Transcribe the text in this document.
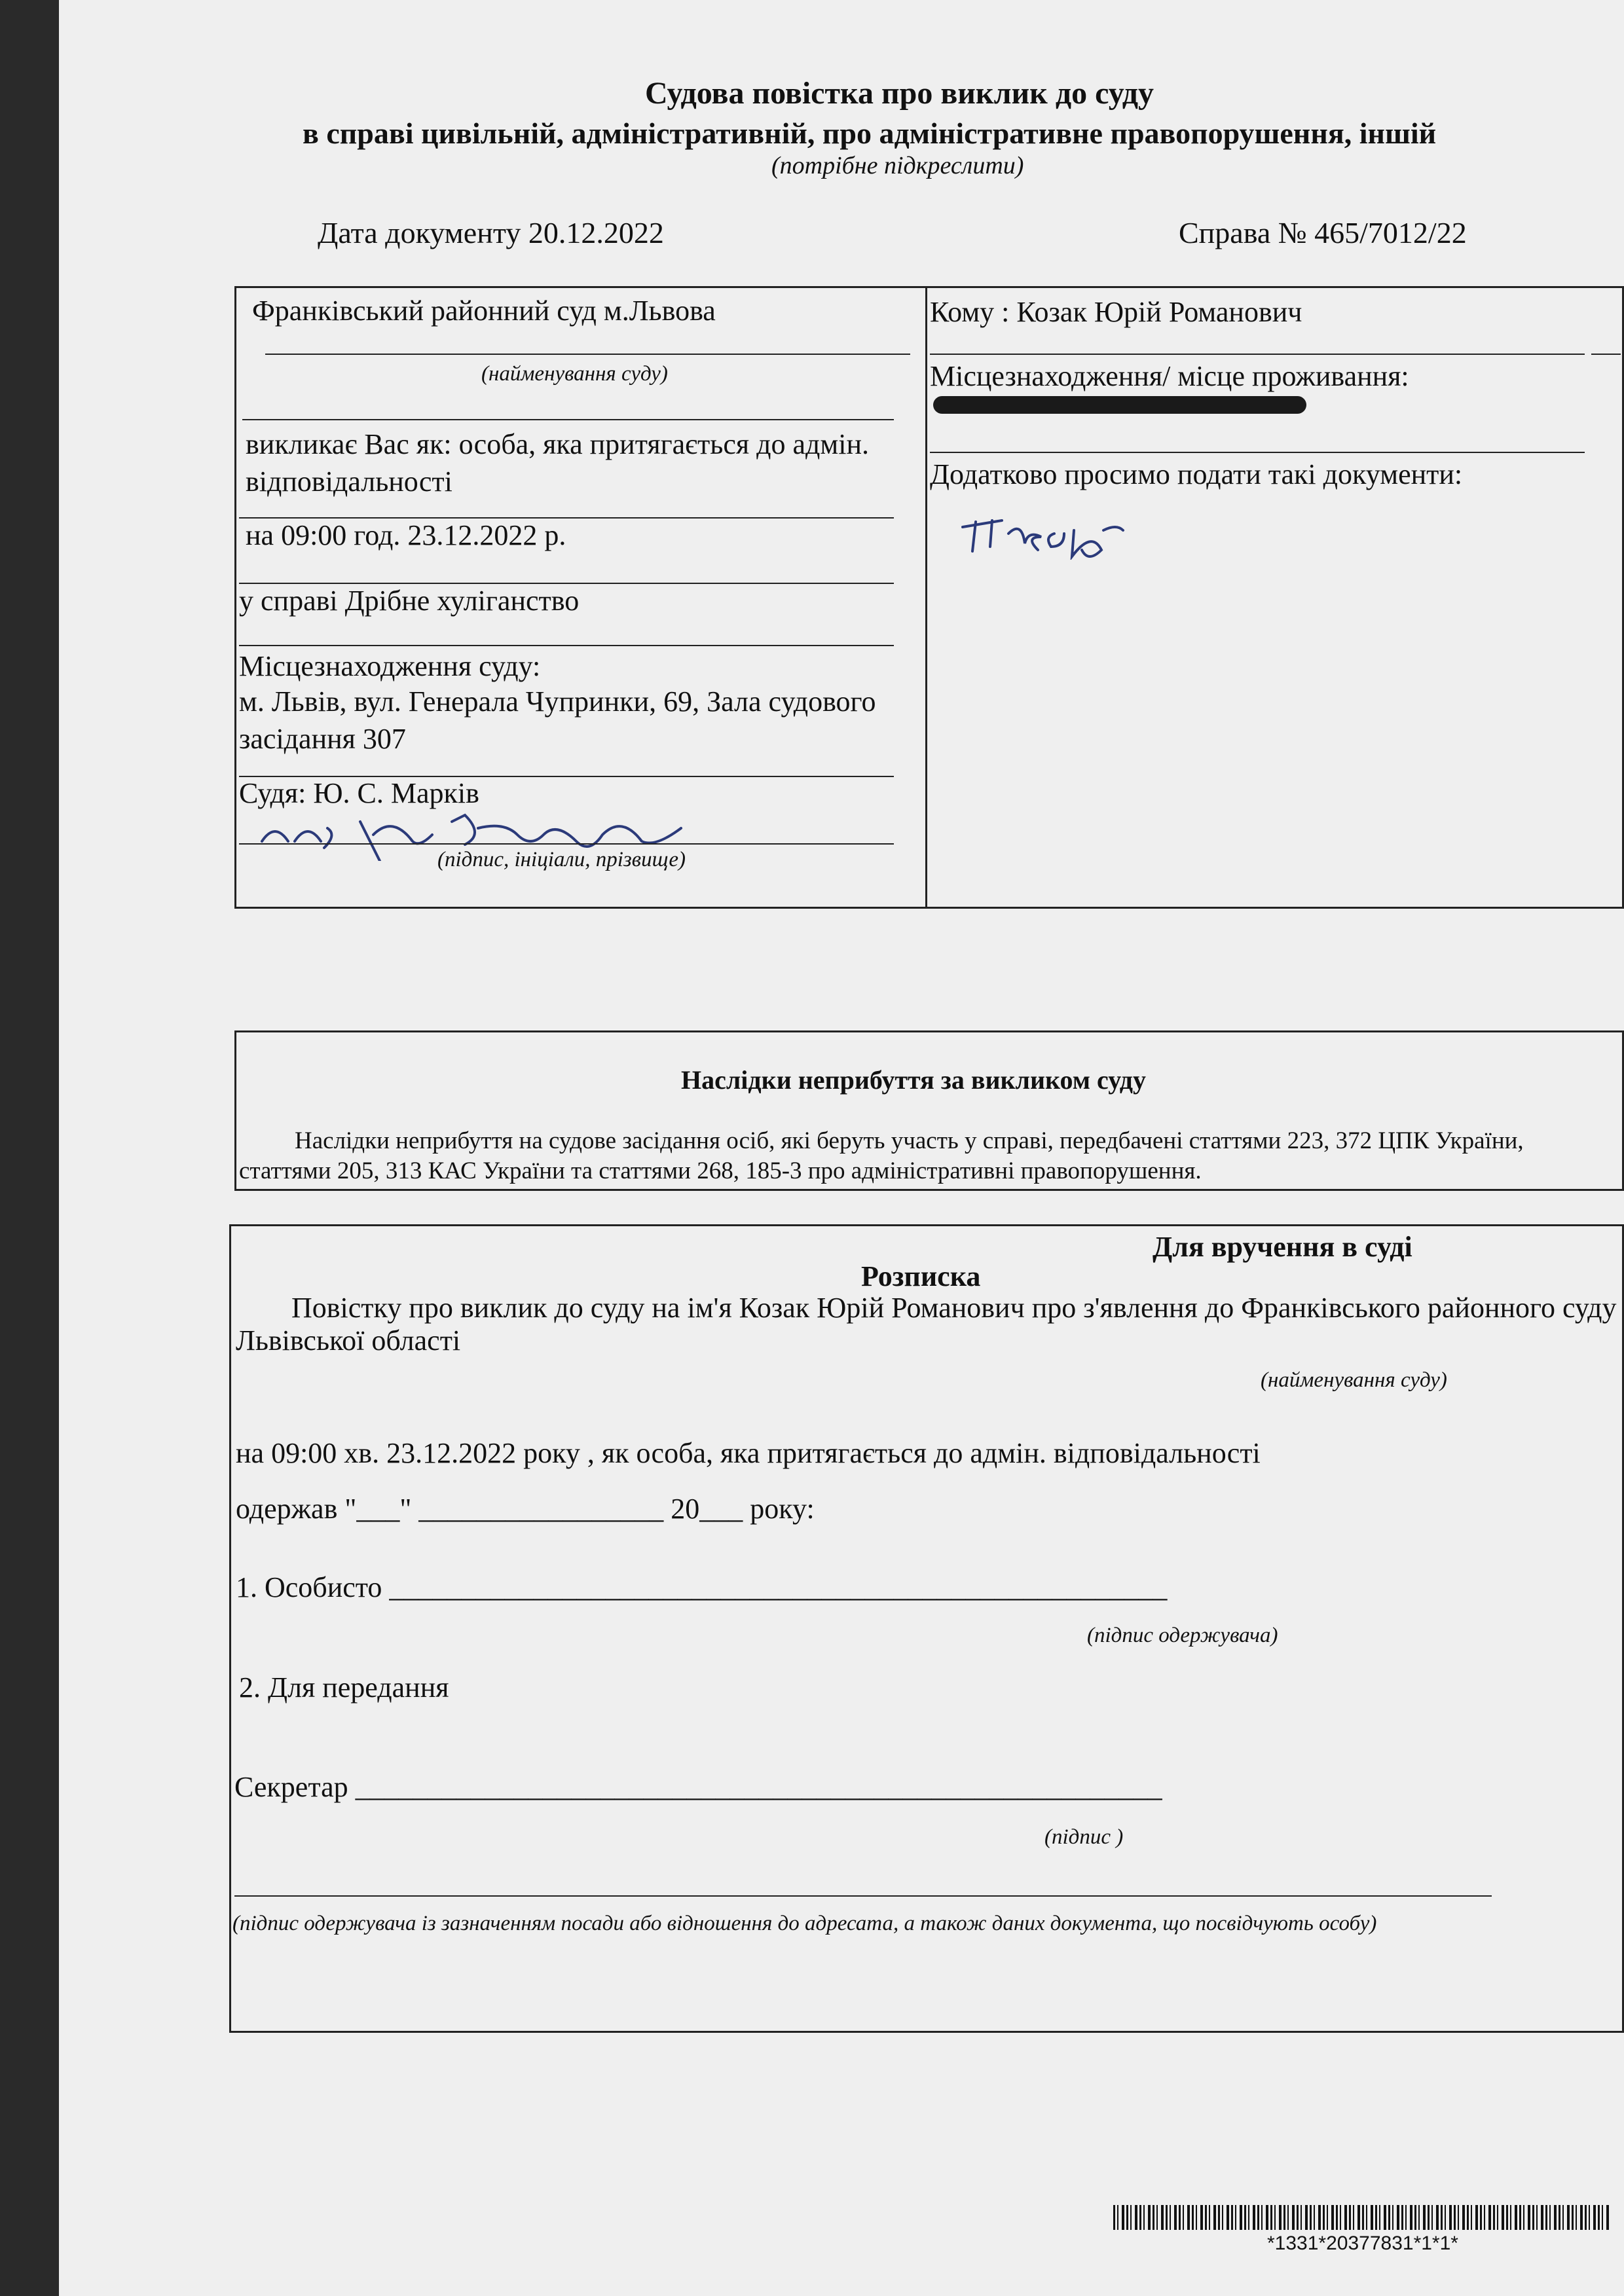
Судова повістка про виклик до суду
в справі цивільній, адміністративній, про адміністративне правопорушення, іншій
(потрібне підкреслити)
Дата документу 20.12.2022	Справа № 465/7012/22
Франківський районний суд м.Львова
(найменування суду)
викликає Вас як: особа, яка притягається до адмін. відповідальності
на 09:00 год. 23.12.2022 р.
у справі Дрібне хуліганство
Місцезнаходження суду:
м. Львів, вул. Генерала Чупринки, 69, Зала судового засідання 307
Судя: Ю. С. Марків
(підпис, ініціали, прізвище)
Кому : Козак Юрій Романович
Місцезнаходження/ місце проживання:
Додатково просимо подати такі документи:
Наслідки неприбуття за викликом суду
Наслідки неприбуття на судове засідання осіб, які беруть участь у справі, передбачені статтями 223, 372 ЦПК України, статтями 205, 313 КАС України та статтями 268, 185-3 про адміністративні правопорушення.
Для вручення в суді
Розписка
Повістку про виклик до суду на ім'я Козак Юрій Романович про з'явлення до Франківського районного суду
Львівської області
(найменування суду)
на 09:00 хв. 23.12.2022 року , як особа, яка притягається до адмін. відповідальності
одержав "___" _________________ 20___ року:
1. Особисто ______________________________________________________
(підпис одержувача)
2. Для передання
Секретар ________________________________________________________
(підпис )
(підпис одержувача із зазначенням посади або відношення до адресата, а також даних документа, що посвідчують особу)
*1331*20377831*1*1*
